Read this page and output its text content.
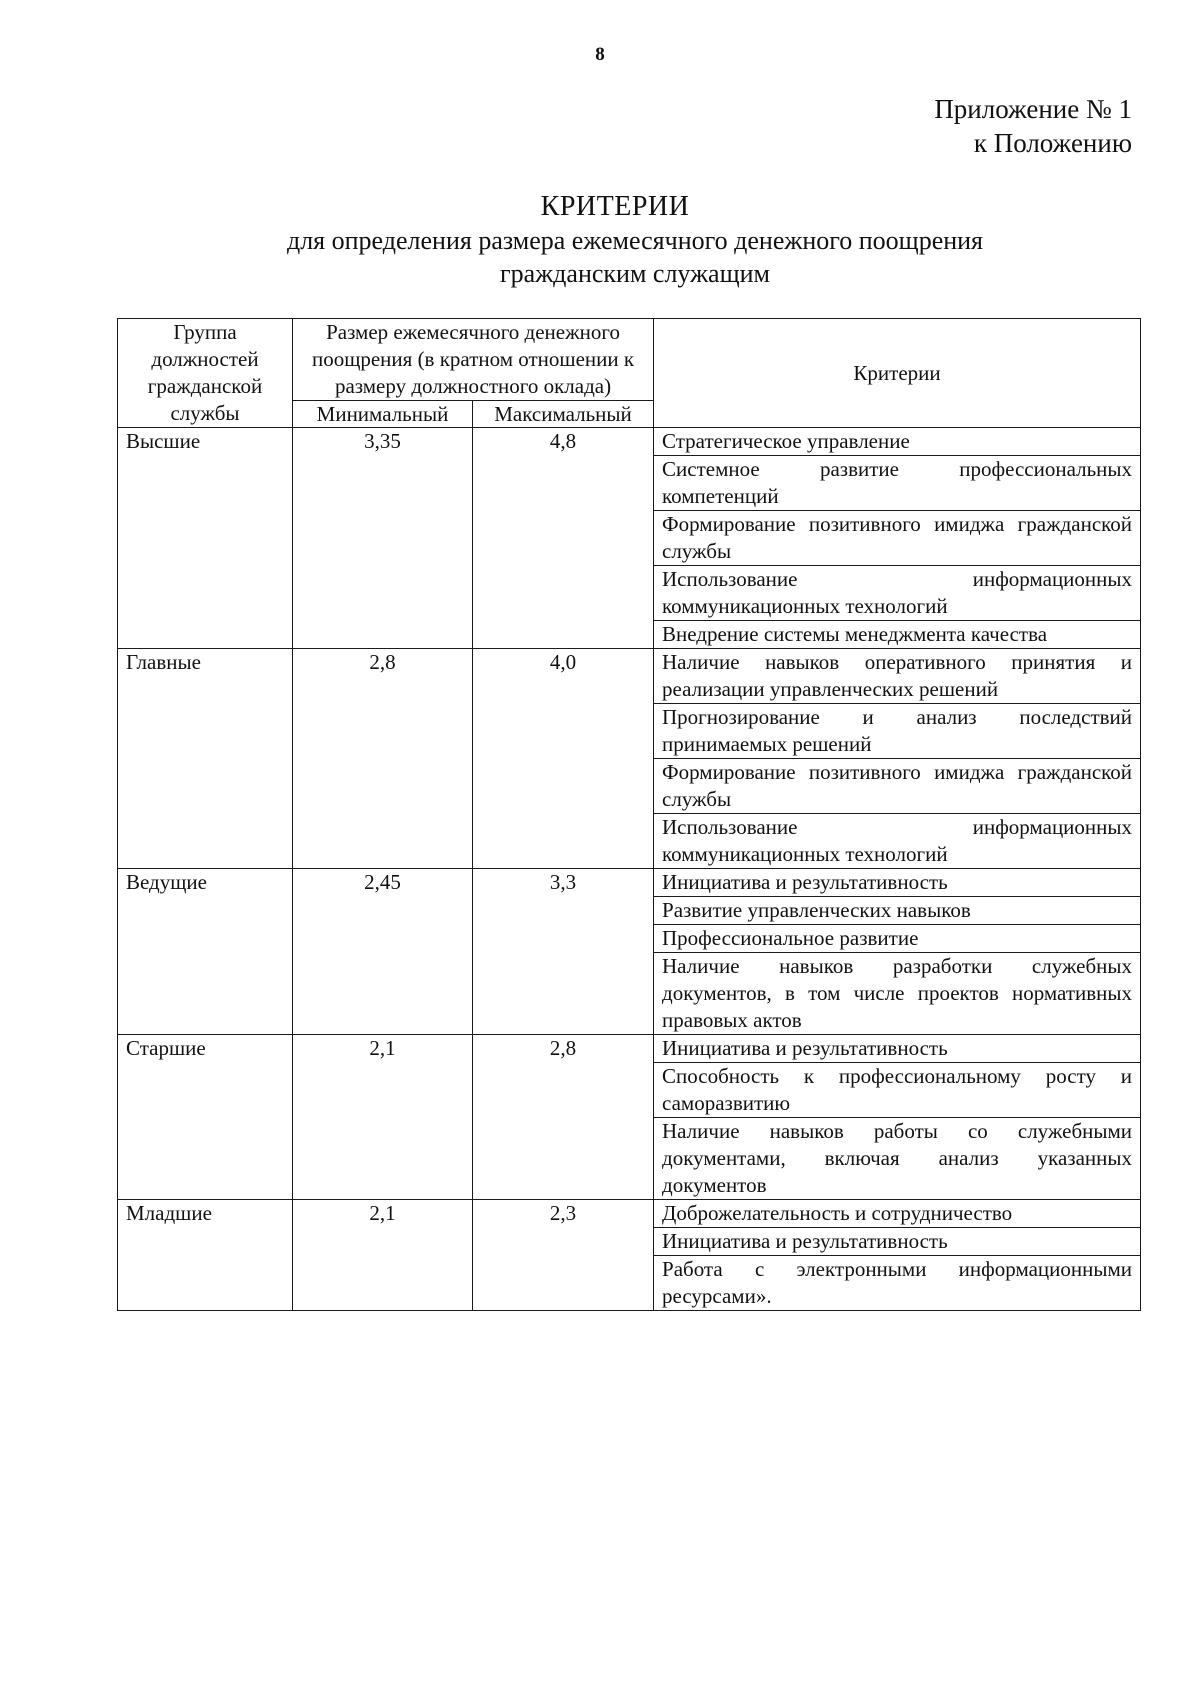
8
Приложение № 1
к Положению
КРИТЕРИИ
для определения размера ежемесячного денежного поощрения
гражданским служащим
Группа должностей гражданской службы	Размер ежемесячного денежного поощрения (в кратном отношении к размеру должностного оклада)		Критерии
	Минимальный	Максимальный	
Высшие	3,35	4,8	Стратегическое управление
			Системное развитие профессиональных компетенций
			Формирование позитивного имиджа гражданской службы
			Использование информационных коммуникационных технологий
			Внедрение системы менеджмента качества
Главные	2,8	4,0	Наличие навыков оперативного принятия и реализации управленческих решений
			Прогнозирование и анализ последствий принимаемых решений
			Формирование позитивного имиджа гражданской службы
			Использование информационных коммуникационных технологий
Ведущие	2,45	3,3	Инициатива и результативность
			Развитие управленческих навыков
			Профессиональное развитие
			Наличие навыков разработки служебных документов, в том числе проектов нормативных правовых актов
Старшие	2,1	2,8	Инициатива и результативность
			Способность к профессиональному росту и саморазвитию
			Наличие навыков работы со служебными документами, включая анализ указанных документов
Младшие	2,1	2,3	Доброжелательность и сотрудничество
			Инициатива и результативность
			Работа с электронными информационными ресурсами».
